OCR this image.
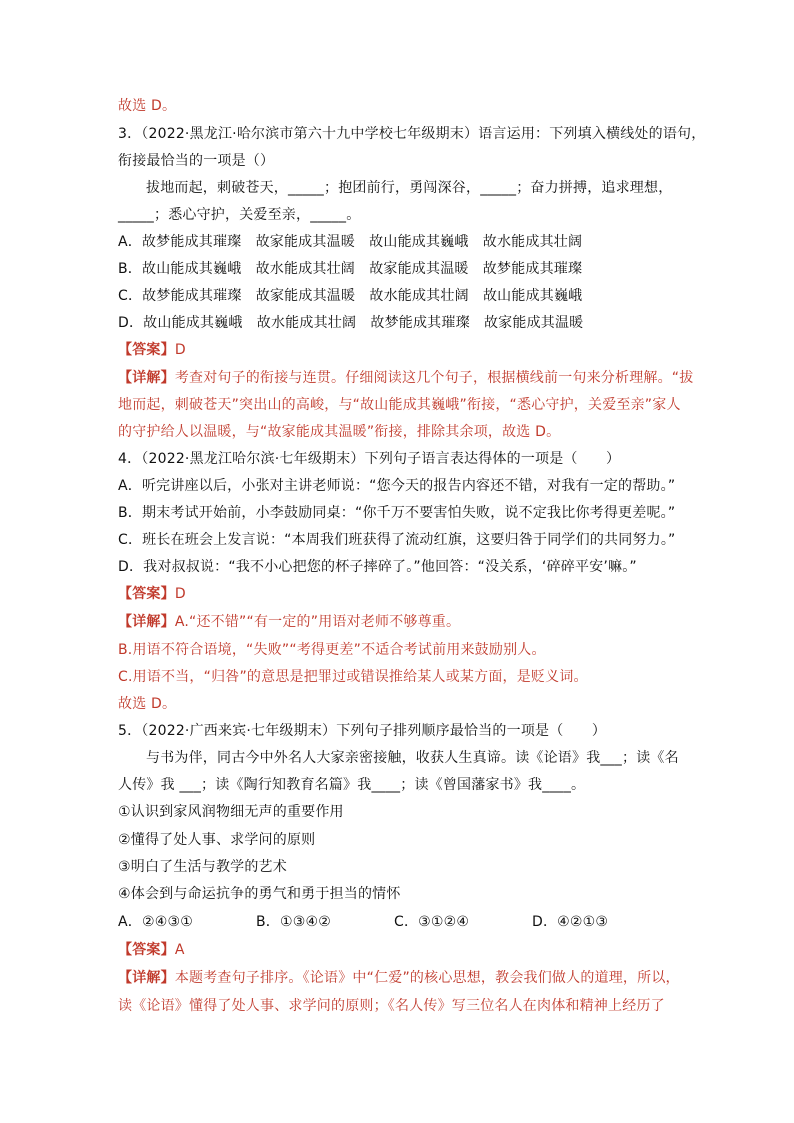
故选 D。
3．（2022·黑龙江·哈尔滨市第六十九中学校七年级期末）语言运用：下列填入横线处的语句，
衔接最恰当的一项是（）
拔地而起，刺破苍天，_____；抱团前行，勇闯深谷，_____；奋力拼搏，追求理想，
_____；悉心守护，关爱至亲，_____。
A．故梦能成其璀璨　故家能成其温暖　故山能成其巍峨　故水能成其壮阔
B．故山能成其巍峨　故水能成其壮阔　故家能成其温暖　故梦能成其璀璨
C．故梦能成其璀璨　故家能成其温暖　故水能成其壮阔　故山能成其巍峨
D．故山能成其巍峨　故水能成其壮阔　故梦能成其璀璨　故家能成其温暖
【答案】D
【详解】考查对句子的衔接与连贯。仔细阅读这几个句子，根据横线前一句来分析理解。“拔
地而起，刺破苍天”突出山的高峻，与“故山能成其巍峨”衔接，“悉心守护，关爱至亲”家人
的守护给人以温暖，与“故家能成其温暖”衔接，排除其余项，故选 D。
4．（2022·黑龙江哈尔滨·七年级期末）下列句子语言表达得体的一项是（　　）
A．听完讲座以后，小张对主讲老师说：“您今天的报告内容还不错，对我有一定的帮助。”
B．期末考试开始前，小李鼓励同桌：“你千万不要害怕失败，说不定我比你考得更差呢。”
C．班长在班会上发言说：“本周我们班获得了流动红旗，这要归咎于同学们的共同努力。”
D．我对叔叔说：“我不小心把您的杯子摔碎了。”他回答：“没关系，‘碎碎平安’嘛。”
【答案】D
【详解】A.“还不错”“有一定的”用语对老师不够尊重。
B.用语不符合语境，“失败”“考得更差”不适合考试前用来鼓励别人。
C.用语不当，“归咎”的意思是把罪过或错误推给某人或某方面，是贬义词。
故选 D。
5．（2022·广西来宾·七年级期末）下列句子排列顺序最恰当的一项是（　　）
与书为伴，同古今中外名人大家亲密接触，收获人生真谛。读《论语》我___；读《名
人传》我 ___；读《陶行知教育名篇》我____；读《曾国藩家书》我____。
①认识到家风润物细无声的重要作用
②懂得了处人事、求学问的原则
③明白了生活与教学的艺术
④体会到与命运抗争的勇气和勇于担当的情怀
A．②④③①	B．①③④②	C．③①②④	D．④②①③
【答案】A
【详解】本题考查句子排序。《论语》中“仁爱”的核心思想，教会我们做人的道理，所以，
读《论语》懂得了处人事、求学问的原则；《名人传》写三位名人在肉体和精神上经历了
